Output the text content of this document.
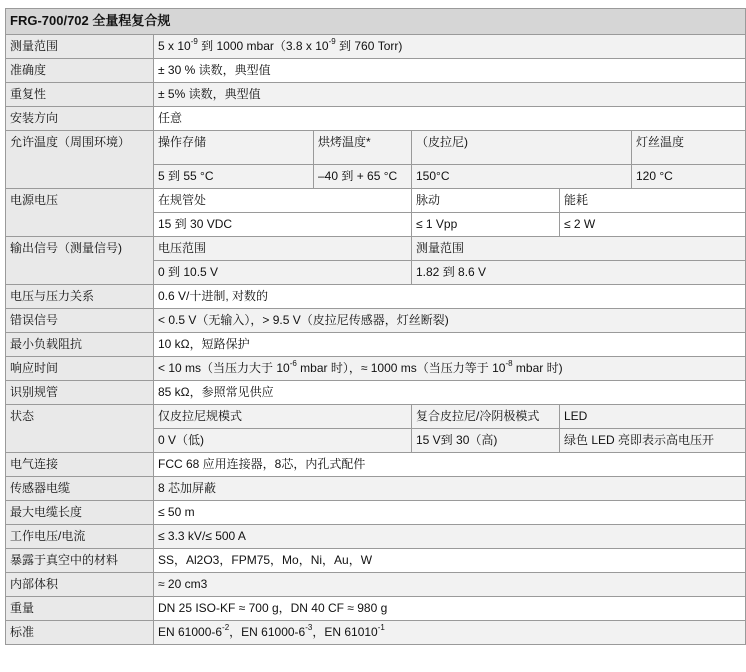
FRG-700/702 全量程复合规					
测量范围	5 x $10^{-9}$ 到 1000 mbar（3.8 x $10^{-9}$ 到 760 Torr)				
准确度	± 30 % 读数，典型值				
重复性	± 5% 读数，典型值				
安装方向	任意				
允许温度（周围环境）	操作存储	烘烤温度*	（皮拉尼)		灯丝温度
	5 到 55 °C	–40 到 + 65 °C	150°C		120 °C
电源电压	在规管处		脉动	能耗	
	15 到 30 VDC		≤ 1 Vpp	≤ 2 W	
输出信号（测量信号)	电压范围		测量范围		
	0 到 10.5 V		1.82 到 8.6 V		
电压与压力关系	0.6 V/十进制, 对数的				
错误信号	< 0.5 V（无输入），> 9.5 V（皮拉尼传感器，灯丝断裂)				
最小负载阻抗	10 kΩ，短路保护				
响应时间	< 10 ms（当压力大于 $10^{-6}$ mbar 时），≈ 1000 ms（当压力等于 $10^{-8}$ mbar 时)				
识别规管	85 kΩ，参照常见供应				
状态	仅皮拉尼规模式		复合皮拉尼/冷阴极模式	LED	
	0 V（低)		15 V到 30（高)	绿色 LED 亮即表示高电压开	
电气连接	FCC 68 应用连接器，8芯，内孔式配件				
传感器电缆	8 芯加屏蔽				
最大电缆长度	≤ 50 m				
工作电压/电流	≤ 3.3 kV/≤ 500 A				
暴露于真空中的材料	SS，Al2O3，FPM75，Mo，Ni，Au，W				
内部体积	≈ 20 cm3				
重量	DN 25 ISO-KF ≈ 700 g，DN 40 CF ≈ 980 g				
标准	EN $61000-6^{-2}$，EN $61000-6^{-3}$，EN $61010^{-1}$
